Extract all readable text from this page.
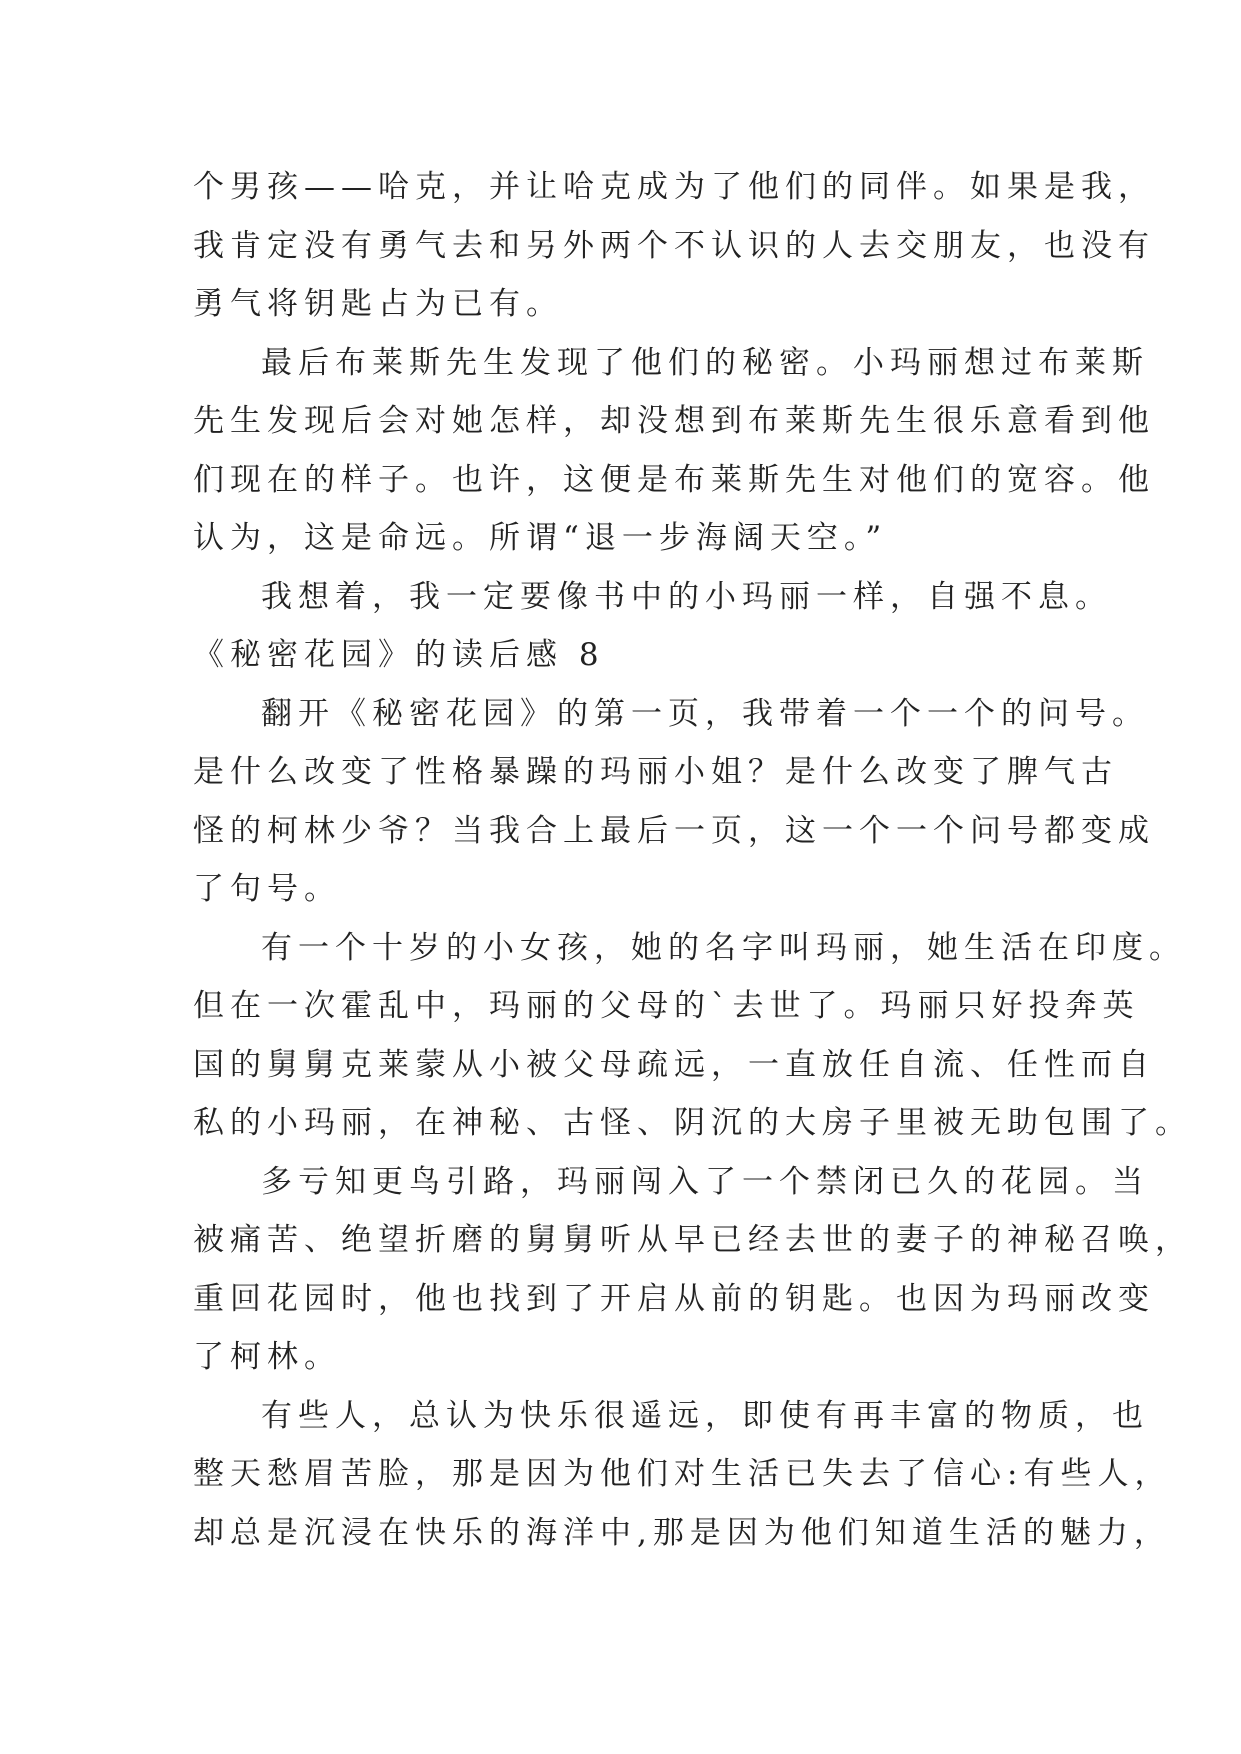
个男孩——哈克，并让哈克成为了他们的同伴。如果是我，
我肯定没有勇气去和另外两个不认识的人去交朋友，也没有
勇气将钥匙占为已有。
最后布莱斯先生发现了他们的秘密。小玛丽想过布莱斯
先生发现后会对她怎样，却没想到布莱斯先生很乐意看到他
们现在的样子。也许，这便是布莱斯先生对他们的宽容。他
认为，这是命远。所谓“退一步海阔天空。”
我想着，我一定要像书中的小玛丽一样，自强不息。
《秘密花园》的读后感 8
翻开《秘密花园》的第一页，我带着一个一个的问号。
是什么改变了性格暴躁的玛丽小姐？是什么改变了脾气古
怪的柯林少爷？当我合上最后一页，这一个一个问号都变成
了句号。
有一个十岁的小女孩，她的名字叫玛丽，她生活在印度。
但在一次霍乱中，玛丽的父母的`去世了。玛丽只好投奔英
国的舅舅克莱蒙从小被父母疏远，一直放任自流、任性而自
私的小玛丽，在神秘、古怪、阴沉的大房子里被无助包围了。
多亏知更鸟引路，玛丽闯入了一个禁闭已久的花园。当
被痛苦、绝望折磨的舅舅听从早已经去世的妻子的神秘召唤，
重回花园时，他也找到了开启从前的钥匙。也因为玛丽改变
了柯林。
有些人，总认为快乐很遥远，即使有再丰富的物质，也
整天愁眉苦脸，那是因为他们对生活已失去了信心:有些人，
却总是沉浸在快乐的海洋中,那是因为他们知道生活的魅力，
